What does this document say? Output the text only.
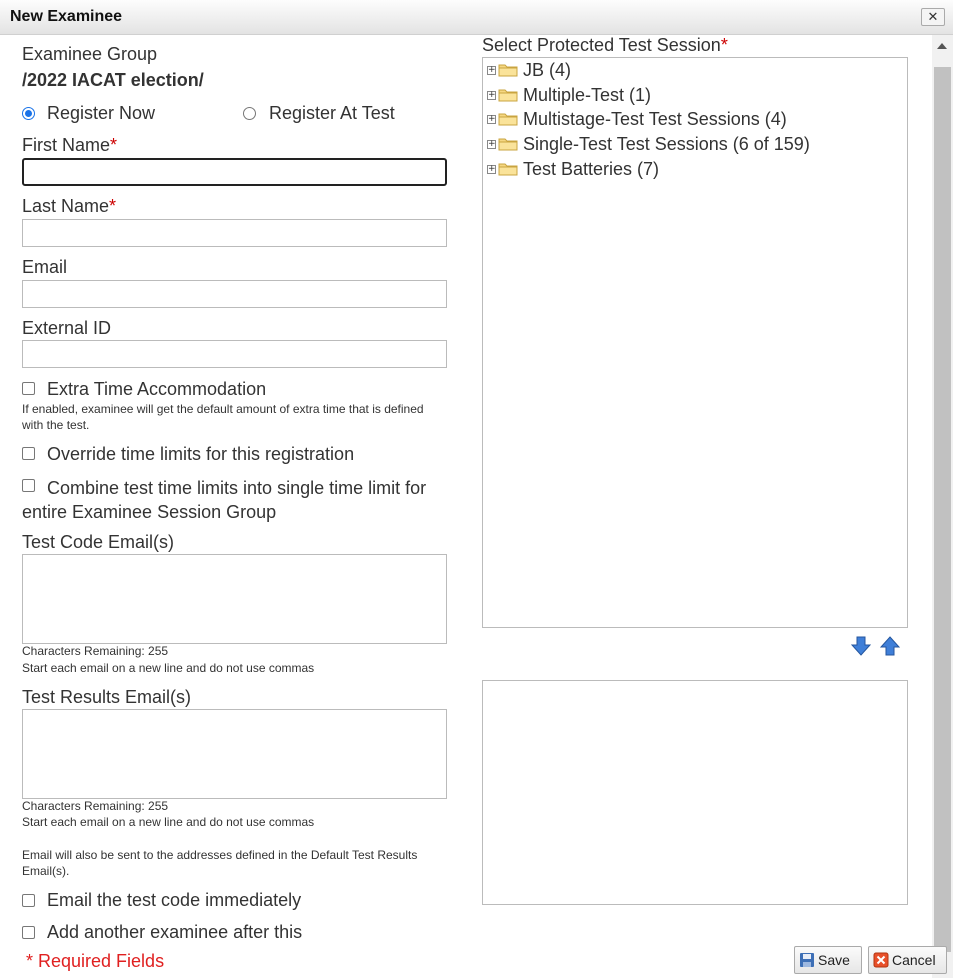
New Examinee	✕
Examinee Group
/2022 IACAT election/
Register Now	Register At Test
First Name*
Last Name*
Email
External ID
Extra Time Accommodation
If enabled, examinee will get the default amount of extra time that is defined with the test.
Override time limits for this registration
Combine test time limits into single time limit for entire Examinee Session Group
Test Code Email(s)
Characters Remaining: 255
Start each email on a new line and do not use commas
Test Results Email(s)
Characters Remaining: 255
Start each email on a new line and do not use commas
Email will also be sent to the addresses defined in the Default Test Results Email(s).
Email the test code immediately
Add another examinee after this
* Required Fields
Select Protected Test Session*
+ JB (4)
+ Multiple-Test (1)
+ Multistage-Test Test Sessions (4)
+ Single-Test Test Sessions (6 of 159)
+ Test Batteries (7)
Save	Cancel
